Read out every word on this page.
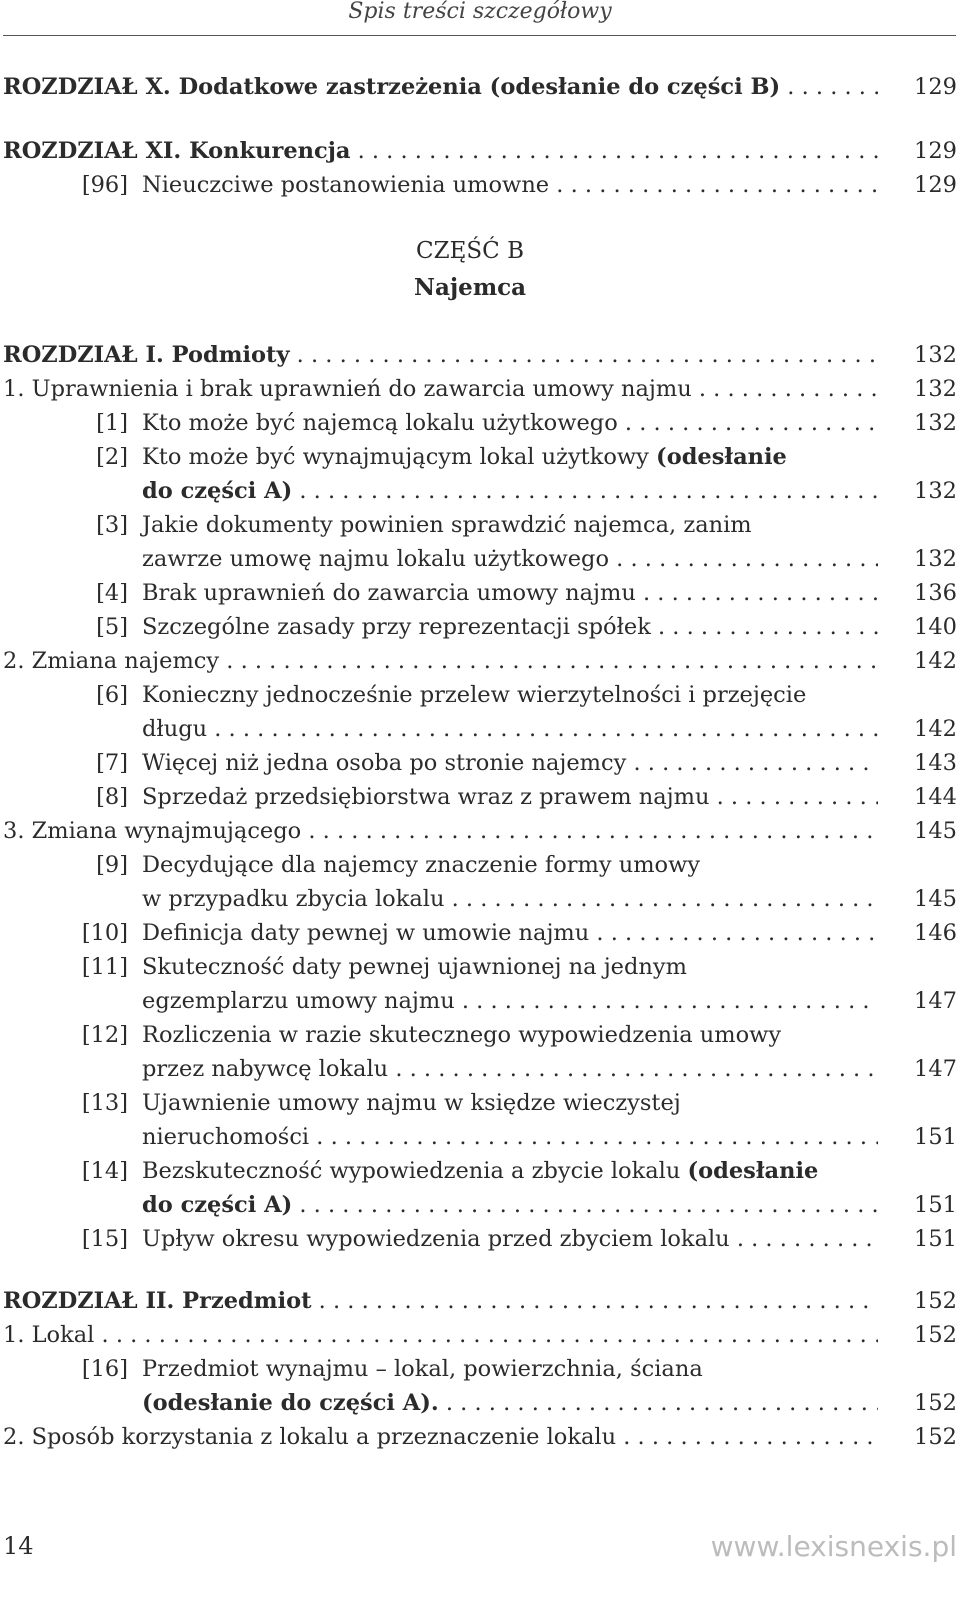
Spis treści szczegółowy
ROZDZIAŁ X. Dodatkowe zastrzeżenia (odesłanie do części B) . . .	129
ROZDZIAŁ XI. Konkurencja . . .	129
[96] Nieuczciwe postanowienia umowne . . .	129
CZĘŚĆ B
Najemca
ROZDZIAŁ I. Podmioty . . .	132
1. Uprawnienia i brak uprawnień do zawarcia umowy najmu . . .	132
[1] Kto może być najemcą lokalu użytkowego . . .	132
[2] Kto może być wynajmującym lokal użytkowy (odesłanie
do części A) . . .	132
[3] Jakie dokumenty powinien sprawdzić najemca, zanim
zawrze umowę najmu lokalu użytkowego . . .	132
[4] Brak uprawnień do zawarcia umowy najmu . . .	136
[5] Szczególne zasady przy reprezentacji spółek . . .	140
2. Zmiana najemcy . . .	142
[6] Konieczny jednocześnie przelew wierzytelności i przejęcie
długu . . .	142
[7] Więcej niż jedna osoba po stronie najemcy . . .	143
[8] Sprzedaż przedsiębiorstwa wraz z prawem najmu . . .	144
3. Zmiana wynajmującego . . .	145
[9] Decydujące dla najemcy znaczenie formy umowy
w przypadku zbycia lokalu . . .	145
[10] Definicja daty pewnej w umowie najmu . . .	146
[11] Skuteczność daty pewnej ujawnionej na jednym
egzemplarzu umowy najmu . . .	147
[12] Rozliczenia w razie skutecznego wypowiedzenia umowy
przez nabywcę lokalu . . .	147
[13] Ujawnienie umowy najmu w księdze wieczystej
nieruchomości . . .	151
[14] Bezskuteczność wypowiedzenia a zbycie lokalu (odesłanie
do części A) . . .	151
[15] Upływ okresu wypowiedzenia przed zbyciem lokalu . . .	151
ROZDZIAŁ II. Przedmiot . . .	152
1. Lokal . . .	152
[16] Przedmiot wynajmu – lokal, powierzchnia, ściana
(odesłanie do części A). . . .	152
2. Sposób korzystania z lokalu a przeznaczenie lokalu . . .	152
14	www.lexisnexis.pl
